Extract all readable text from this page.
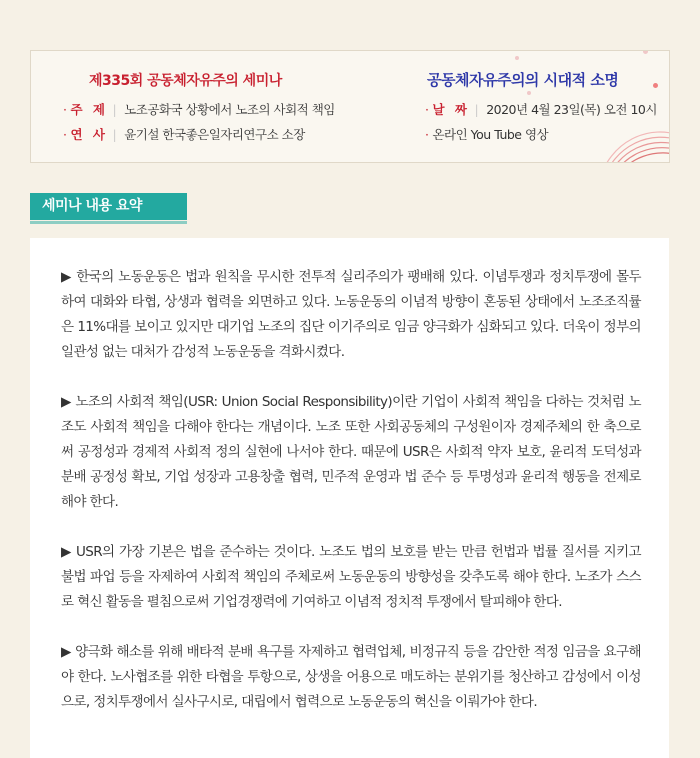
제335회 공동체자유주의 세미나	공동체자유주의의 시대적 소명
· 주 제 | 노조공화국 상황에서 노조의 사회적 책임
· 연 사 | 윤기설 한국좋은일자리연구소 소장
· 날 짜 | 2020년 4월 23일(목) 오전 10시
· 온라인 You Tube 영상
세미나 내용 요약

▶ 한국의 노동운동은 법과 원칙을 무시한 전투적 실리주의가 팽배해 있다. 이념투쟁과 정치투쟁에 몰두하여 대화와 타협, 상생과 협력을 외면하고 있다. 노동운동의 이념적 방향이 혼동된 상태에서 노조조직률은 11%대를 보이고 있지만 대기업 노조의 집단 이기주의로 임금 양극화가 심화되고 있다. 더욱이 정부의 일관성 없는 대처가 감성적 노동운동을 격화시켰다.

▶ 노조의 사회적 책임(USR: Union Social Responsibility)이란 기업이 사회적 책임을 다하는 것처럼 노조도 사회적 책임을 다해야 한다는 개념이다. 노조 또한 사회공동체의 구성원이자 경제주체의 한 축으로써 공정성과 경제적 사회적 정의 실현에 나서야 한다. 때문에 USR은 사회적 약자 보호, 윤리적 도덕성과 분배 공정성 확보, 기업 성장과 고용창출 협력, 민주적 운영과 법 준수 등 투명성과 윤리적 행동을 전제로 해야 한다.

▶ USR의 가장 기본은 법을 준수하는 것이다. 노조도 법의 보호를 받는 만큼 헌법과 법률 질서를 지키고 불법 파업 등을 자제하여 사회적 책임의 주체로써 노동운동의 방향성을 갖추도록 해야 한다. 노조가 스스로 혁신 활동을 펼침으로써 기업경쟁력에 기여하고 이념적 정치적 투쟁에서 탈피해야 한다.

▶ 양극화 해소를 위해 배타적 분배 욕구를 자제하고 협력업체, 비정규직 등을 감안한 적정 임금을 요구해야 한다. 노사협조를 위한 타협을 투항으로, 상생을 어용으로 매도하는 분위기를 청산하고 감성에서 이성으로, 정치투쟁에서 실사구시로, 대립에서 협력으로 노동운동의 혁신을 이뤄가야 한다.
